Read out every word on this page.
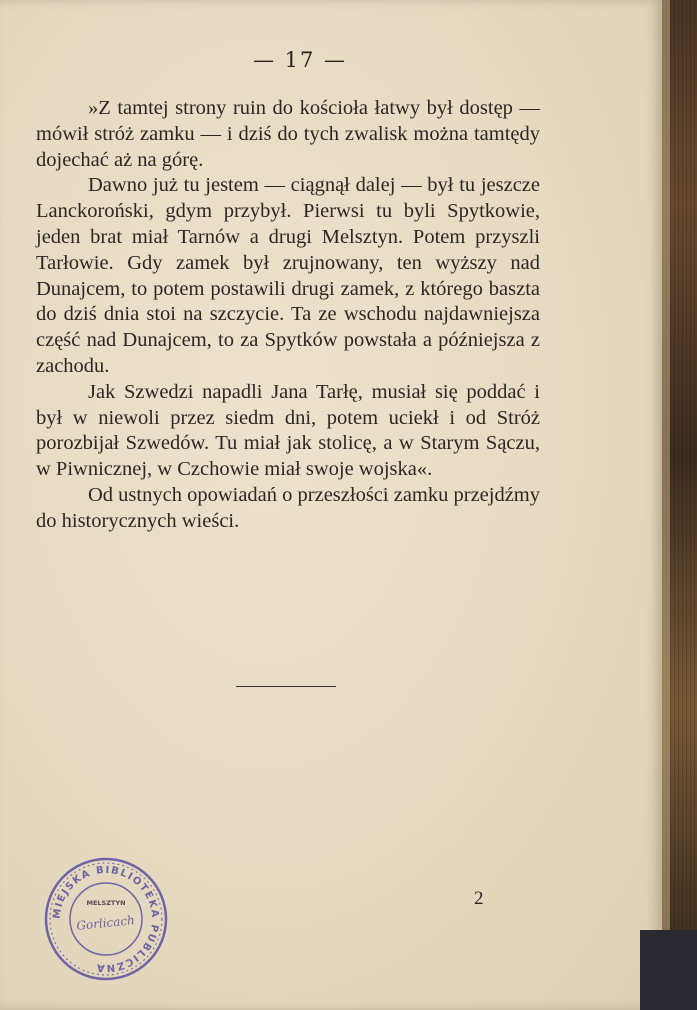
— 17 —

»Z tamtej strony ruin do kościoła łatwy był dostęp — mówił stróż zamku — i dziś do tych zwalisk można tamtędy dojechać aż na górę.

Dawno już tu jestem — ciągnął dalej — był tu jeszcze Lanckoroński, gdym przybył. Pierwsi tu byli Spytkowie, jeden brat miał Tarnów a drugi Melsztyn. Potem przyszli Tarłowie. Gdy zamek był zrujnowany, ten wyższy nad Dunajcem, to potem postawili drugi zamek, z którego baszta do dziś dnia stoi na szczycie. Ta ze wschodu najdawniejsza część nad Dunajcem, to za Spytków powstała a późniejsza z zachodu.

Jak Szwedzi napadli Jana Tarłę, musiał się poddać i był w niewoli przez siedm dni, potem uciekł i od Stróż porozbijał Szwedów. Tu miał jak stolicę, a w Starym Sączu, w Piwnicznej, w Czchowie miał swoje wojska«.

Od ustnych opowiadań o przeszłości zamku przejdźmy do historycznych wieści.

2
MIEJSKA BIBLIOTEKA PUBLICZNA
MELSZTYN
Gorlicach
